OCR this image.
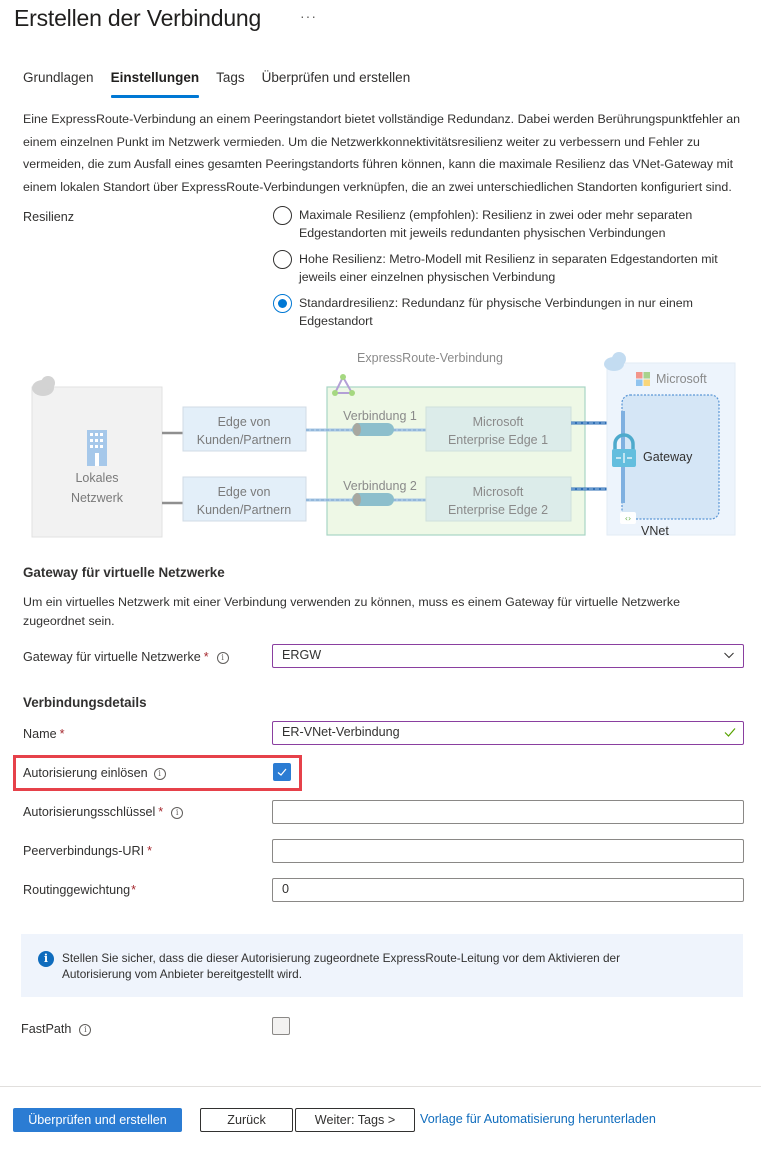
Erstellen der Verbindung	···
Grundlagen Einstellungen Tags Überprüfen und erstellen
Eine ExpressRoute-Verbindung an einem Peeringstandort bietet vollständige Redundanz. Dabei werden Berührungspunktfehler an einem einzelnen Punkt im Netzwerk vermieden. Um die Netzwerkkonnektivitätsresilienz weiter zu verbessern und Fehler zu vermeiden, die zum Ausfall eines gesamten Peeringstandorts führen können, kann die maximale Resilienz das VNet-Gateway mit einem lokalen Standort über ExpressRoute-Verbindungen verknüpfen, die an zwei unterschiedlichen Standorten konfiguriert sind.
Resilienz	Maximale Resilienz (empfohlen): Resilienz in zwei oder mehr separaten Edgestandorten mit jeweils redundanten physischen Verbindungen
Hohe Resilienz: Metro-Modell mit Resilienz in separaten Edgestandorten mit jeweils einer einzelnen physischen Verbindung
Standardresilienz: Redundanz für physische Verbindungen in nur einem Edgestandort
Lokales
Netzwerk
Edge von
Kunden/Partnern
Edge von
Kunden/Partnern
ExpressRoute-Verbindung
Verbindung 1
Verbindung 2
Microsoft
Enterprise Edge 1
Microsoft
Enterprise Edge 2
Microsoft
Gateway
‹›
VNet
Gateway für virtuelle Netzwerke
Um ein virtuelles Netzwerk mit einer Verbindung verwenden zu können, muss es einem Gateway für virtuelle Netzwerke zugeordnet sein.
Gateway für virtuelle Netzwerke * i	ERGW
Verbindungsdetails
Name *	ER-VNet-Verbindung
Autorisierung einlösen i
Autorisierungsschlüssel * i
Peerverbindungs-URI *
Routinggewichtung*	0
i	Stellen Sie sicher, dass die dieser Autorisierung zugeordnete ExpressRoute-Leitung vor dem Aktivieren der Autorisierung vom Anbieter bereitgestellt wird.
FastPath i
Überprüfen und erstellen	Zurück	Weiter: Tags >	Vorlage für Automatisierung herunterladen
